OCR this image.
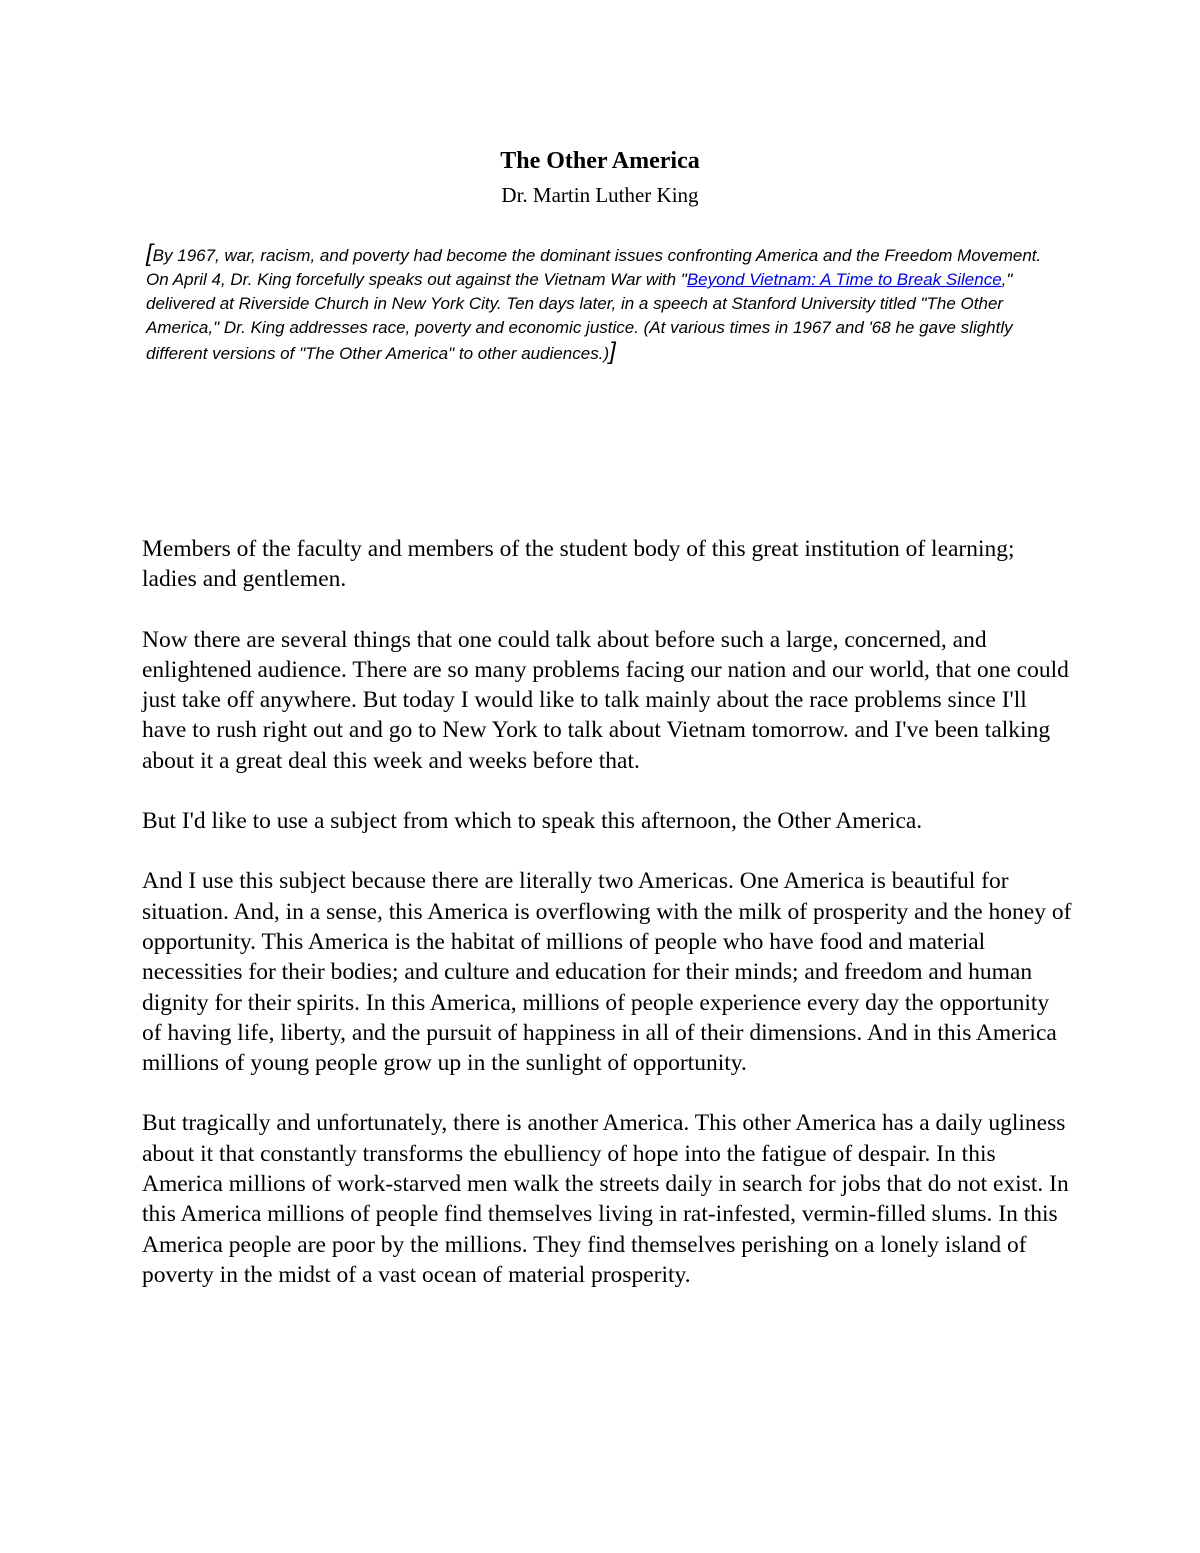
The Other America
Dr. Martin Luther King

[By 1967, war, racism, and poverty had become the dominant issues confronting America and the Freedom Movement. On April 4, Dr. King forcefully speaks out against the Vietnam War with "Beyond Vietnam: A Time to Break Silence," delivered at Riverside Church in New York City. Ten days later, in a speech at Stanford University titled "The Other America," Dr. King addresses race, poverty and economic justice. (At various times in 1967 and '68 he gave slightly different versions of "The Other America" to other audiences.)]

Members of the faculty and members of the student body of this great institution of learning; ladies and gentlemen.

Now there are several things that one could talk about before such a large, concerned, and enlightened audience. There are so many problems facing our nation and our world, that one could just take off anywhere. But today I would like to talk mainly about the race problems since I'll have to rush right out and go to New York to talk about Vietnam tomorrow. and I've been talking about it a great deal this week and weeks before that.

But I'd like to use a subject from which to speak this afternoon, the Other America.

And I use this subject because there are literally two Americas. One America is beautiful for situation. And, in a sense, this America is overflowing with the milk of prosperity and the honey of opportunity. This America is the habitat of millions of people who have food and material necessities for their bodies; and culture and education for their minds; and freedom and human dignity for their spirits. In this America, millions of people experience every day the opportunity of having life, liberty, and the pursuit of happiness in all of their dimensions. And in this America millions of young people grow up in the sunlight of opportunity.

But tragically and unfortunately, there is another America. This other America has a daily ugliness about it that constantly transforms the ebulliency of hope into the fatigue of despair. In this America millions of work-starved men walk the streets daily in search for jobs that do not exist. In this America millions of people find themselves living in rat-infested, vermin-filled slums. In this America people are poor by the millions. They find themselves perishing on a lonely island of poverty in the midst of a vast ocean of material prosperity.
